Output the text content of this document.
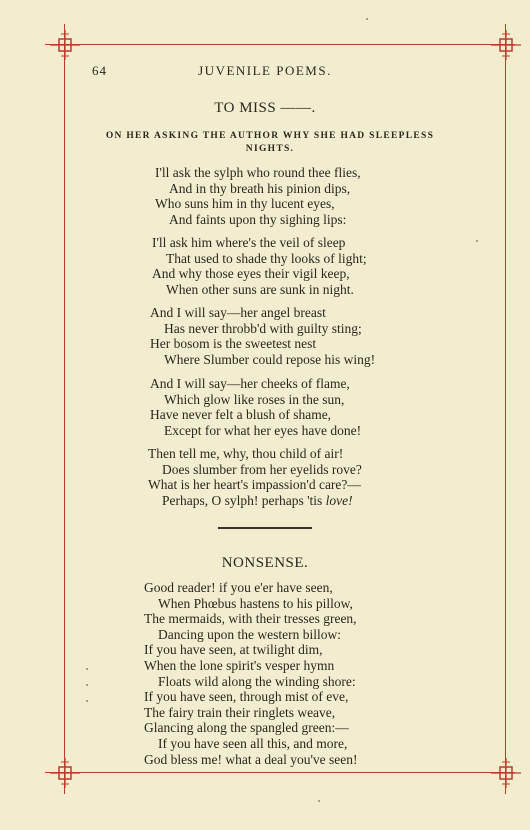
64	JUVENILE POEMS.
TO MISS ——.
ON HER ASKING THE AUTHOR WHY SHE HAD SLEEPLESS
NIGHTS.
I'll ask the sylph who round thee flies,
And in thy breath his pinion dips,
Who suns him in thy lucent eyes,
And faints upon thy sighing lips:
I'll ask him where's the veil of sleep
That used to shade thy looks of light;
And why those eyes their vigil keep,
When other suns are sunk in night.
And I will say—her angel breast
Has never throbb'd with guilty sting;
Her bosom is the sweetest nest
Where Slumber could repose his wing!
And I will say—her cheeks of flame,
Which glow like roses in the sun,
Have never felt a blush of shame,
Except for what her eyes have done!
Then tell me, why, thou child of air!
Does slumber from her eyelids rove?
What is her heart's impassion'd care?—
Perhaps, O sylph! perhaps 'tis love!
NONSENSE.
Good reader! if you e'er have seen,
When Phœbus hastens to his pillow,
The mermaids, with their tresses green,
Dancing upon the western billow:
If you have seen, at twilight dim,
When the lone spirit's vesper hymn
Floats wild along the winding shore:
If you have seen, through mist of eve,
The fairy train their ringlets weave,
Glancing along the spangled green:—
If you have seen all this, and more,
God bless me! what a deal you've seen!
